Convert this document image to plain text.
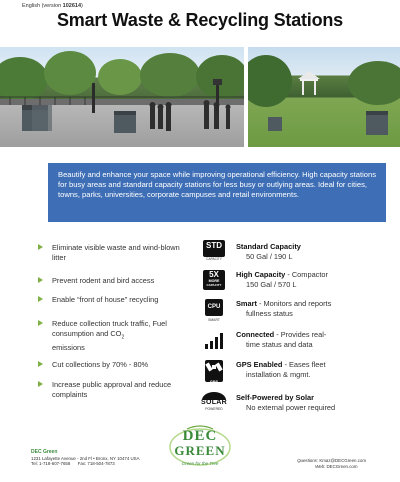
English (version 102614)
Smart Waste & Recycling Stations

Beautify and enhance your space while improving operational efficiency. High capacity stations for busy areas and standard capacity stations for less busy or outlying areas. Ideal for cities, towns, parks, universities, corporate campuses and retail environments.

Eliminate visible waste and wind-blown litter
Prevent rodent and bird access
Enable “front of house” recycling
Reduce collection truck traffic, Fuel consumption and $CO_2$
emissions
Cut collections by 70% - 80%
Increase public approval and reduce complaints
STD
CAPACITY
Standard Capacity
50 Gal / 190 L
5X
MORE
CAPACITY
High Capacity - Compactor
150 Gal / 570 L
CPU
SMART
Smart - Monitors and reports
fullness status
Connected - Provides real-
time status and data
GPS
GPS Enabled - Eases fleet
installation & mgmt.
SOLAR
POWERED
Self-Powered by Solar
No external power required
DEC Green
1231 Lafayette Avenue - 2nd Fl • Bronx, NY 10474 USA
Tel: 1-718-607-7658 Fax: 718-504-7873
DEC
GREEN
Green for the Tree
Questions: Kmaz@DECGreen.com
Web: DECGreen.com
